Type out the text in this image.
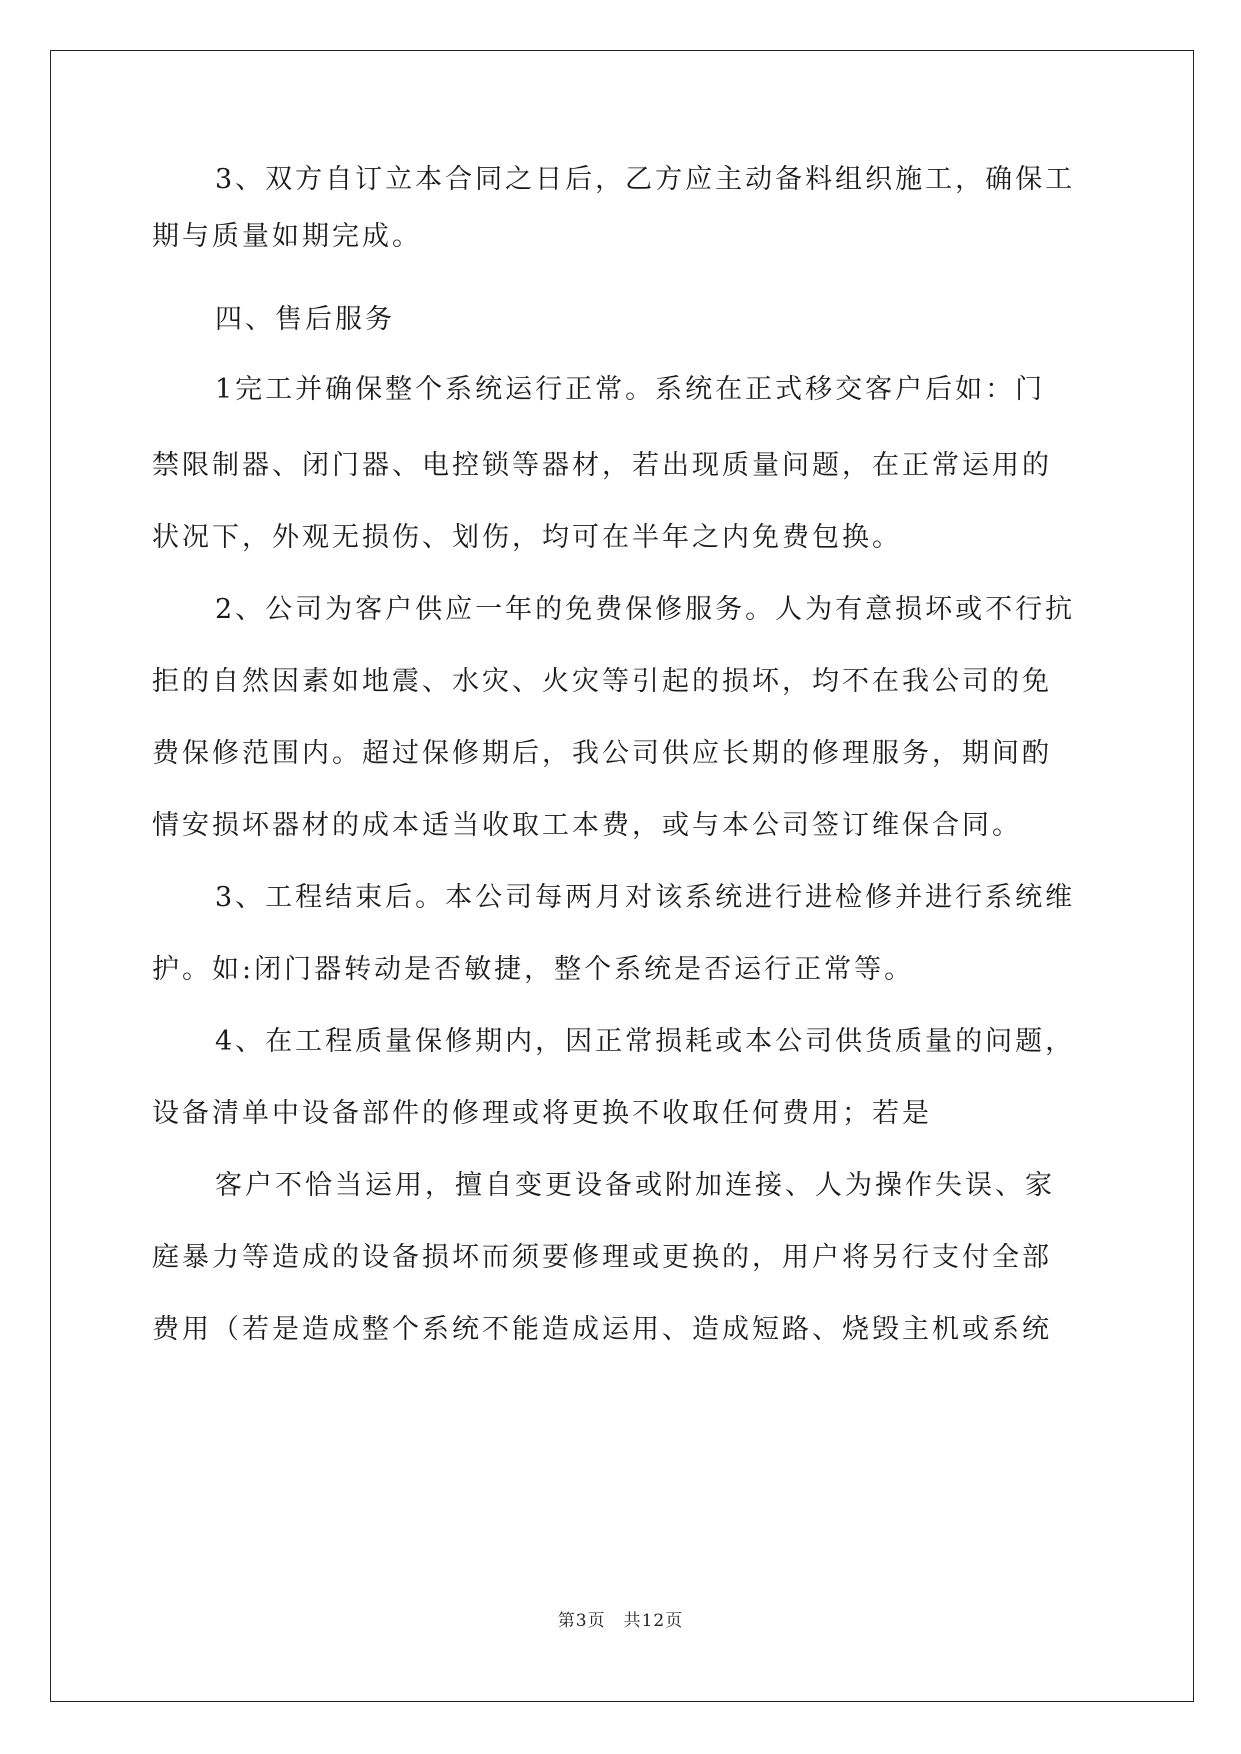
3、双方自订立本合同之日后，乙方应主动备料组织施工，确保工
期与质量如期完成。
四、售后服务
1完工并确保整个系统运行正常。系统在正式移交客户后如：门
禁限制器、闭门器、电控锁等器材，若出现质量问题，在正常运用的
状况下，外观无损伤、划伤，均可在半年之内免费包换。
2、公司为客户供应一年的免费保修服务。人为有意损坏或不行抗
拒的自然因素如地震、水灾、火灾等引起的损坏，均不在我公司的免
费保修范围内。超过保修期后，我公司供应长期的修理服务，期间酌
情安损坏器材的成本适当收取工本费，或与本公司签订维保合同。
3、工程结束后。本公司每两月对该系统进行进检修并进行系统维
护。如:闭门器转动是否敏捷，整个系统是否运行正常等。
4、在工程质量保修期内，因正常损耗或本公司供货质量的问题，
设备清单中设备部件的修理或将更换不收取任何费用；若是
客户不恰当运用，擅自变更设备或附加连接、人为操作失误、家
庭暴力等造成的设备损坏而须要修理或更换的，用户将另行支付全部
费用（若是造成整个系统不能造成运用、造成短路、烧毁主机或系统
第3页 共12页
